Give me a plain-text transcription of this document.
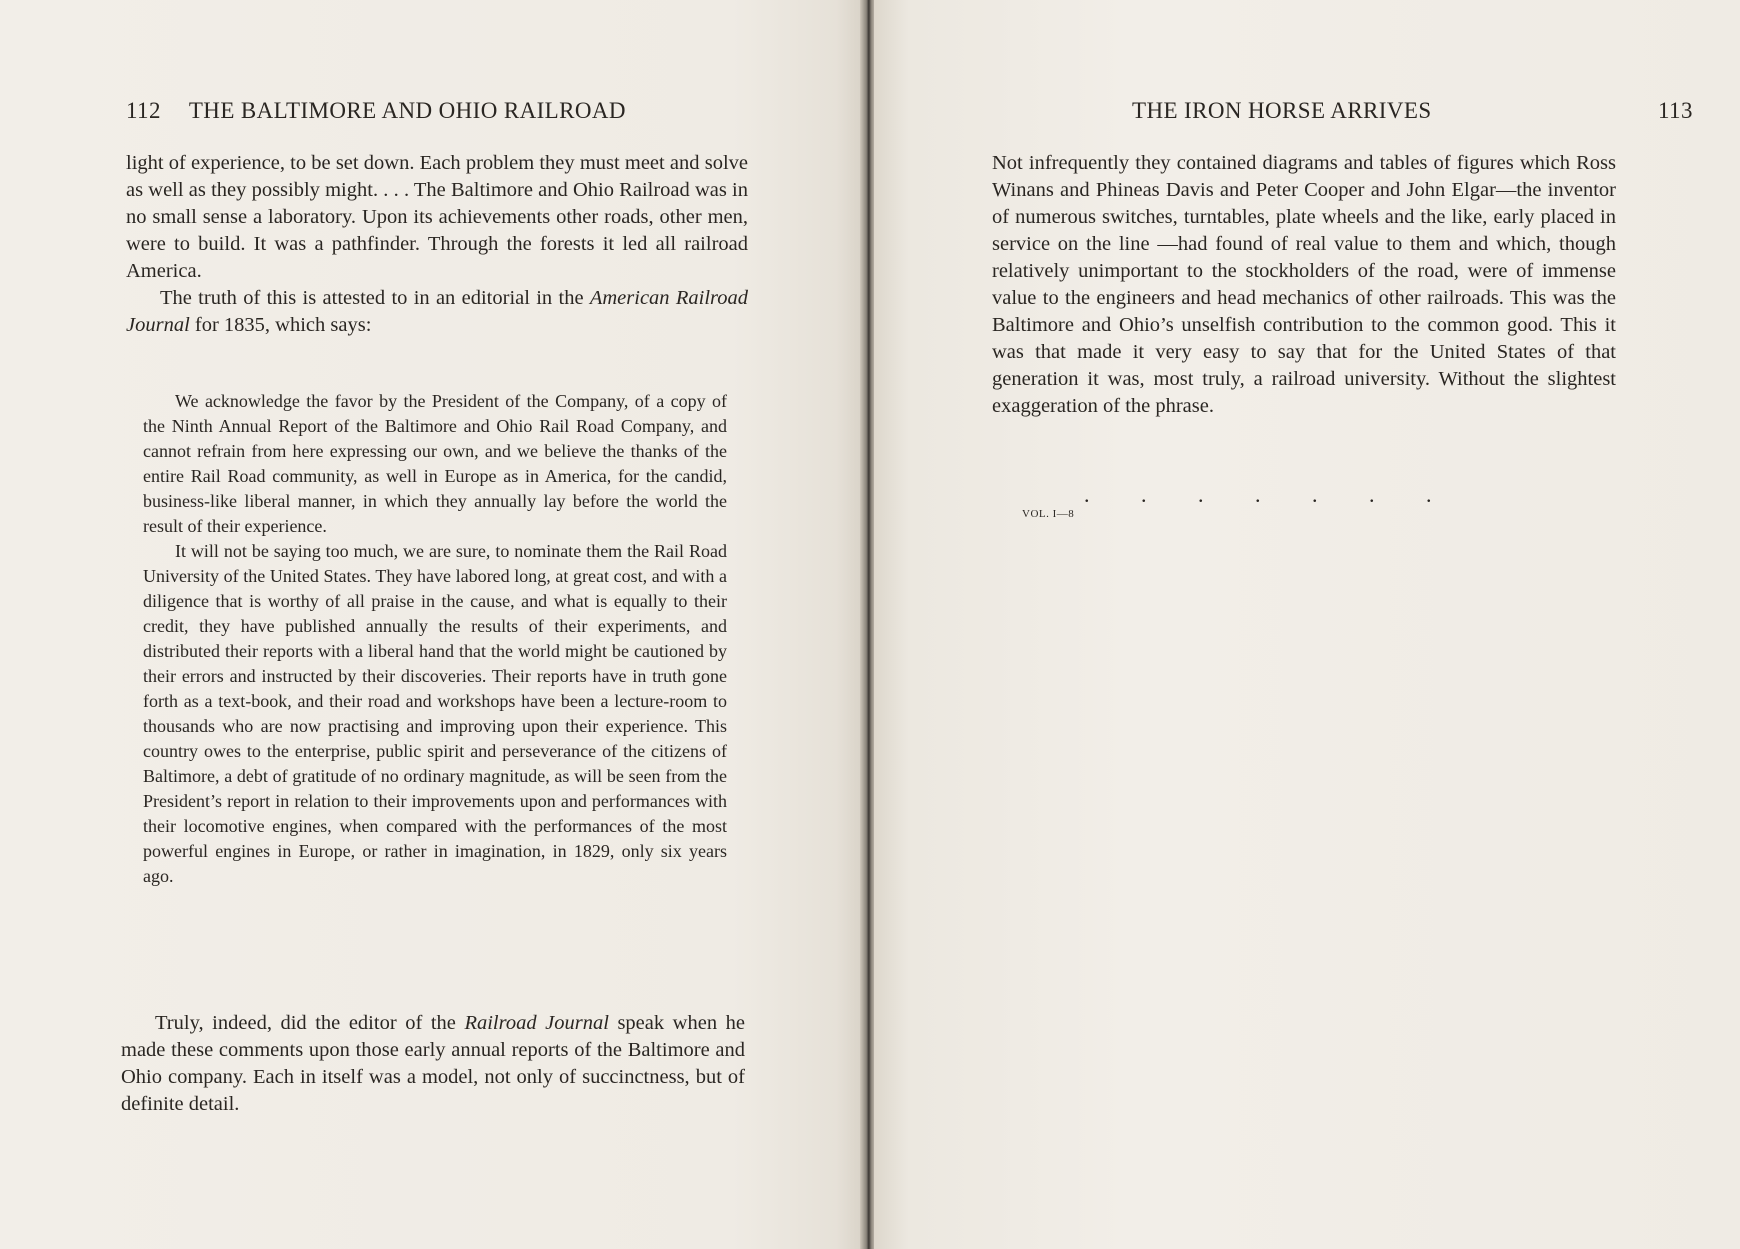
112 THE BALTIMORE AND OHIO RAILROAD

light of experience, to be set down. Each problem they must meet and solve as well as they possibly might. . . . The Baltimore and Ohio Railroad was in no small sense a laboratory. Upon its achievements other roads, other men, were to build. It was a pathfinder. Through the forests it led all railroad America.

The truth of this is attested to in an editorial in the American Railroad Journal for 1835, which says:

We acknowledge the favor by the President of the Company, of a copy of the Ninth Annual Report of the Baltimore and Ohio Rail Road Company, and cannot refrain from here expressing our own, and we believe the thanks of the entire Rail Road community, as well in Europe as in America, for the candid, business-like liberal manner, in which they annually lay before the world the result of their experience.

It will not be saying too much, we are sure, to nominate them the Rail Road University of the United States. They have labored long, at great cost, and with a diligence that is worthy of all praise in the cause, and what is equally to their credit, they have published annually the results of their experiments, and distributed their reports with a liberal hand that the world might be cautioned by their errors and instructed by their discoveries. Their reports have in truth gone forth as a text-book, and their road and workshops have been a lecture-room to thousands who are now practising and improving upon their experience. This country owes to the enterprise, public spirit and perseverance of the citizens of Baltimore, a debt of gratitude of no ordinary magnitude, as will be seen from the President’s report in relation to their improvements upon and performances with their locomotive engines, when compared with the performances of the most powerful engines in Europe, or rather in imagination, in 1829, only six years ago.

Truly, indeed, did the editor of the Railroad Journal speak when he made these comments upon those early annual reports of the Baltimore and Ohio company. Each in itself was a model, not only of succinctness, but of definite detail.

THE IRON HORSE ARRIVES	113

Not infrequently they contained diagrams and tables of figures which Ross Winans and Phineas Davis and Peter Cooper and John Elgar—the inventor of numerous switches, turntables, plate wheels and the like, early placed in service on the line —had found of real value to them and which, though relatively unimportant to the stockholders of the road, were of immense value to the engineers and head mechanics of other railroads. This was the Baltimore and Ohio’s unselfish contribution to the common good. This it was that made it very easy to say that for the United States of that generation it was, most truly, a railroad university. Without the slightest exaggeration of the phrase.

. . . . . . .
VOL. I—8
